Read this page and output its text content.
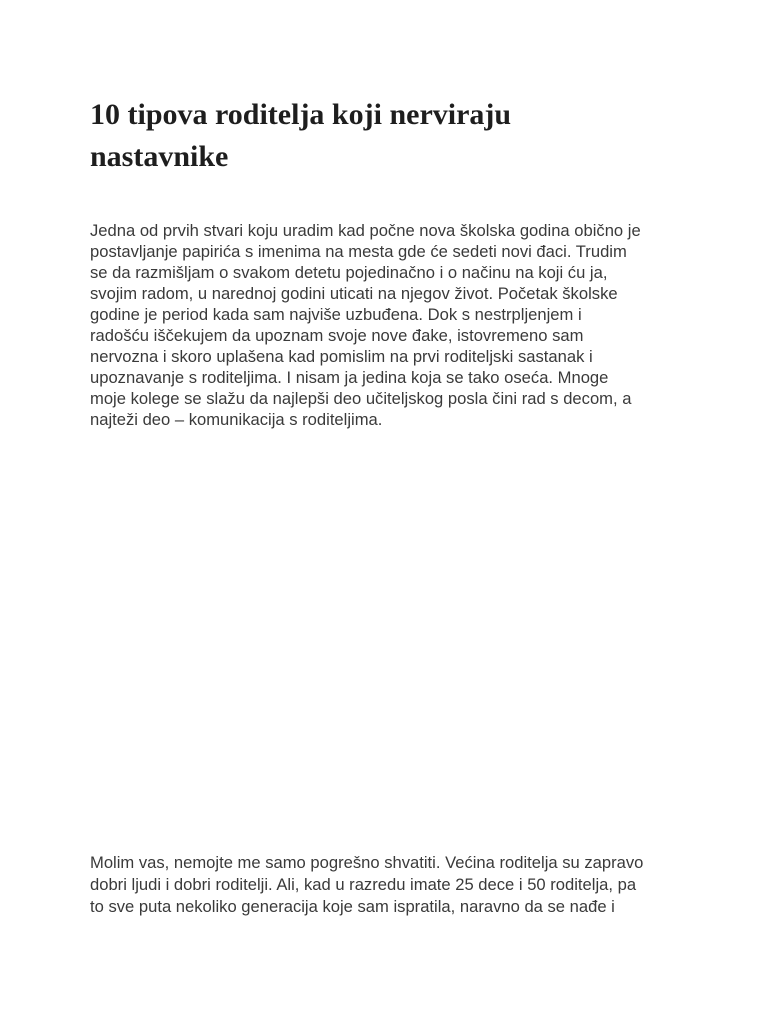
10 tipova roditelja koji nerviraju
nastavnike

Jedna od prvih stvari koju uradim kad počne nova školska godina obično je
postavljanje papirića s imenima na mesta gde će sedeti novi đaci. Trudim
se da razmišljam o svakom detetu pojedinačno i o načinu na koji ću ja,
svojim radom, u narednoj godini uticati na njegov život. Početak školske
godine je period kada sam najviše uzbuđena. Dok s nestrpljenjem i
radošću iščekujem da upoznam svoje nove đake, istovremeno sam
nervozna i skoro uplašena kad pomislim na prvi roditeljski sastanak i
upoznavanje s roditeljima. I nisam ja jedina koja se tako oseća. Mnoge
moje kolege se slažu da najlepši deo učiteljskog posla čini rad s decom, a
najteži deo – komunikacija s roditeljima.

Molim vas, nemojte me samo pogrešno shvatiti. Većina roditelja su zapravo
dobri ljudi i dobri roditelji. Ali, kad u razredu imate 25 dece i 50 roditelja, pa
to sve puta nekoliko generacija koje sam ispratila, naravno da se nađe i
